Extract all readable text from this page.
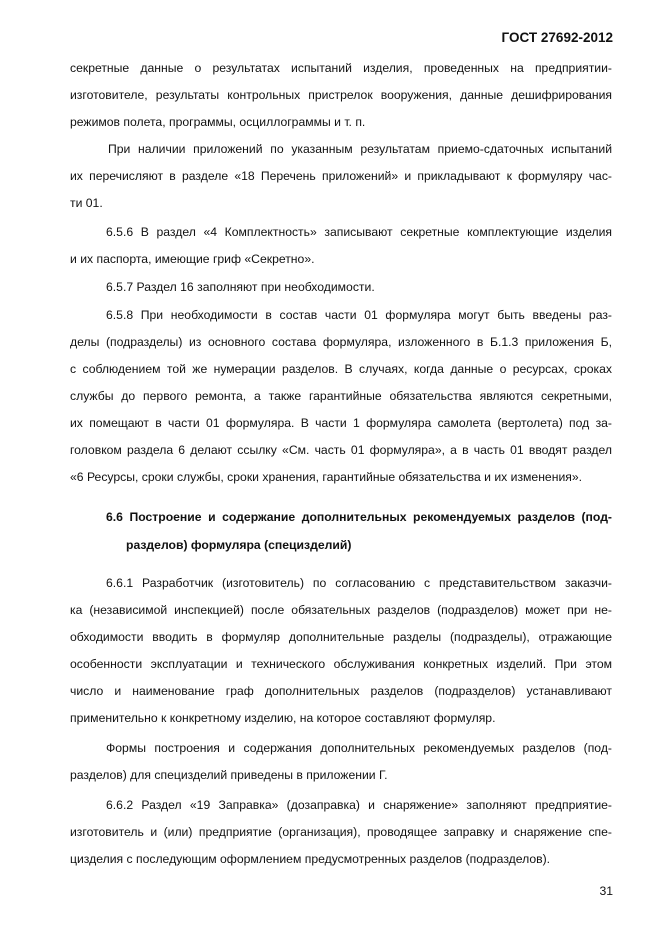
ГОСТ 27692-2012
секретные данные о результатах испытаний изделия, проведенных на предприятии-
изготовителе, результаты контрольных пристрелок вооружения, данные дешифрирования
режимов полета, программы, осциллограммы и т. п.
При наличии приложений по указанным результатам приемо-сдаточных испытаний
их перечисляют в разделе «18 Перечень приложений» и прикладывают к формуляру час-
ти 01.
6.5.6 В раздел «4 Комплектность» записывают секретные комплектующие изделия
и их паспорта, имеющие гриф «Секретно».
6.5.7 Раздел 16 заполняют при необходимости.
6.5.8 При необходимости в состав части 01 формуляра могут быть введены раз-
делы (подразделы) из основного состава формуляра, изложенного в Б.1.3 приложения Б,
с соблюдением той же нумерации разделов. В случаях, когда данные о ресурсах, сроках
службы до первого ремонта, а также гарантийные обязательства являются секретными,
их помещают в части 01 формуляра. В части 1 формуляра самолета (вертолета) под за-
головком раздела 6 делают ссылку «См. часть 01 формуляра», а в часть 01 вводят раздел
«6 Ресурсы, сроки службы, сроки хранения, гарантийные обязательства и их изменения».
6.6 Построение и содержание дополнительных рекомендуемых разделов (под-
разделов) формуляра (специзделий)
6.6.1 Разработчик (изготовитель) по согласованию с представительством заказчи-
ка (независимой инспекцией) после обязательных разделов (подразделов) может при не-
обходимости вводить в формуляр дополнительные разделы (подразделы), отражающие
особенности эксплуатации и технического обслуживания конкретных изделий. При этом
число и наименование граф дополнительных разделов (подразделов) устанавливают
применительно к конкретному изделию, на которое составляют формуляр.
Формы построения и содержания дополнительных рекомендуемых разделов (под-
разделов) для специзделий приведены в приложении Г.
6.6.2 Раздел «19 Заправка» (дозаправка) и снаряжение» заполняют предприятие-
изготовитель и (или) предприятие (организация), проводящее заправку и снаряжение спе-
цизделия с последующим оформлением предусмотренных разделов (подразделов).
31
